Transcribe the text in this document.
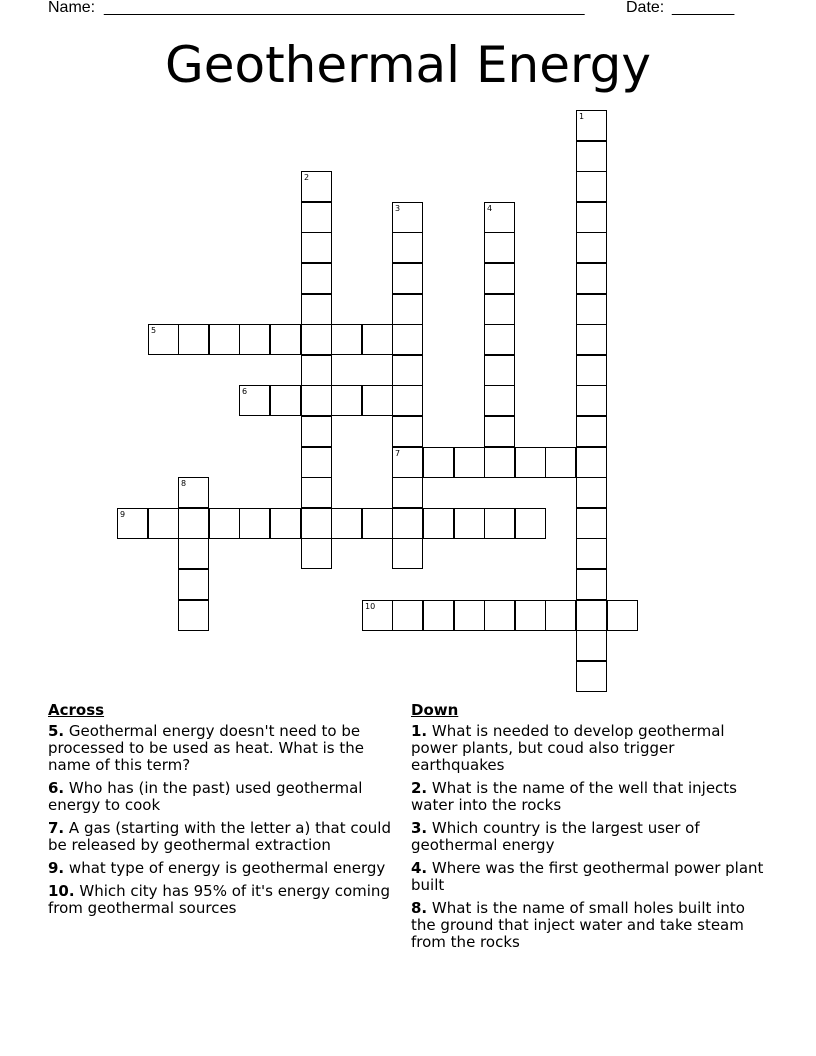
Name: ______________________________________________________	Date: _______
Geothermal Energy
1
2
3
7
4
5
6
8
9
10
Across
5. Geothermal energy doesn't need to be processed to be used as heat. What is the name of this term?
6. Who has (in the past) used geothermal energy to cook
7. A gas (starting with the letter a) that could be released by geothermal extraction
9. what type of energy is geothermal energy
10. Which city has 95% of it's energy coming from geothermal sources
Down
1. What is needed to develop geothermal power plants, but coud also trigger earthquakes
2. What is the name of the well that injects water into the rocks
3. Which country is the largest user of geothermal energy
4. Where was the first geothermal power plant built
8. What is the name of small holes built into the ground that inject water and take steam from the rocks
